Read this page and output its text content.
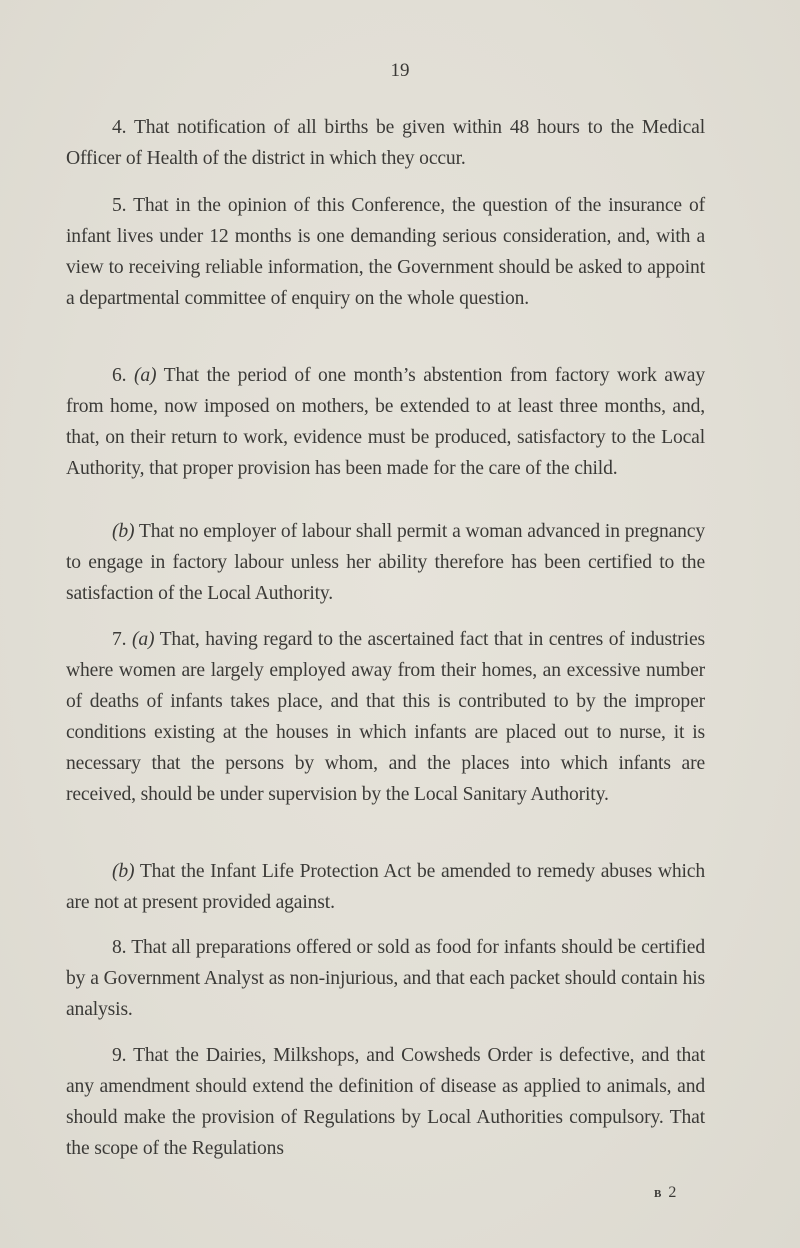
19

4. That notification of all births be given within 48 hours to the Medical Officer of Health of the district in which they occur.

5. That in the opinion of this Conference, the question of the insurance of infant lives under 12 months is one demanding serious consideration, and, with a view to receiving reliable information, the Government should be asked to appoint a departmental committee of enquiry on the whole question.

6. (a) That the period of one month’s abstention from factory work away from home, now imposed on mothers, be extended to at least three months, and, that, on their return to work, evidence must be produced, satisfactory to the Local Authority, that proper provision has been made for the care of the child.

(b) That no employer of labour shall permit a woman advanced in pregnancy to engage in factory labour unless her ability therefore has been certified to the satisfaction of the Local Authority.

7. (a) That, having regard to the ascertained fact that in centres of industries where women are largely employed away from their homes, an excessive number of deaths of infants takes place, and that this is contributed to by the improper conditions existing at the houses in which infants are placed out to nurse, it is necessary that the persons by whom, and the places into which infants are received, should be under supervision by the Local Sanitary Authority.

(b) That the Infant Life Protection Act be amended to remedy abuses which are not at present provided against.

8. That all preparations offered or sold as food for infants should be certified by a Government Analyst as non-injurious, and that each packet should contain his analysis.

9. That the Dairies, Milkshops, and Cowsheds Order is defective, and that any amendment should extend the definition of disease as applied to animals, and should make the provision of Regulations by Local Authorities compulsory. That the scope of the Regulations

B 2
